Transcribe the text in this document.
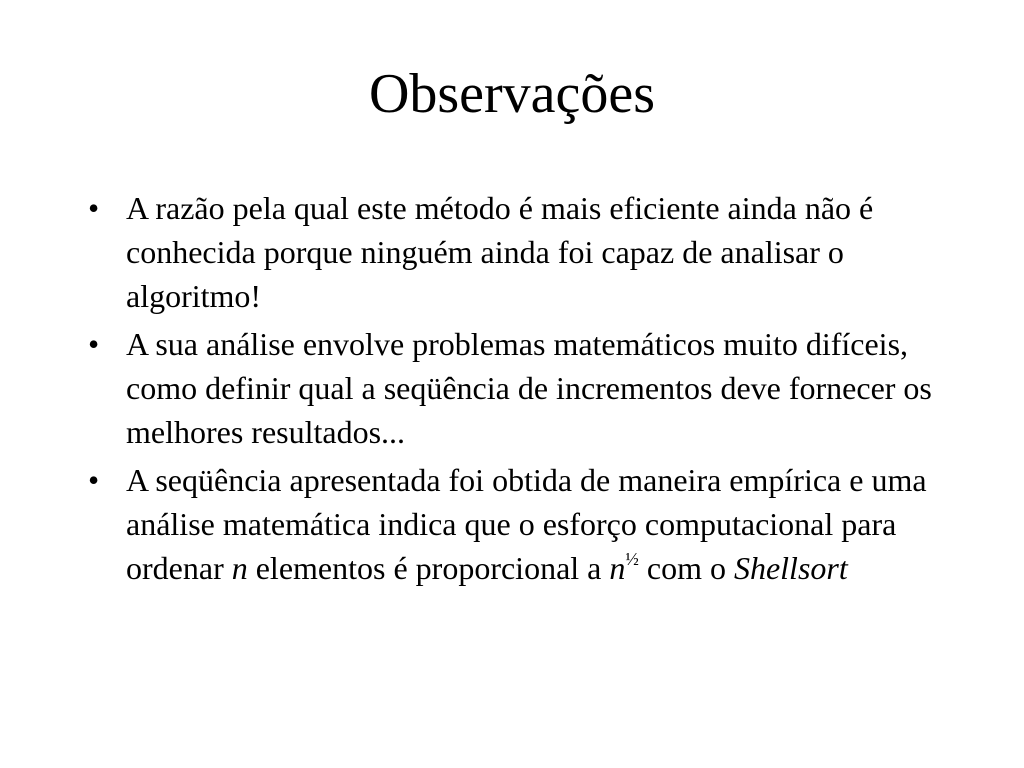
Observações
• A razão pela qual este método é mais eficiente ainda não é conhecida porque ninguém ainda foi capaz de analisar o algoritmo!
• A sua análise envolve problemas matemáticos muito difíceis, como definir qual a seqüência de incrementos deve fornecer os melhores resultados...
• A seqüência apresentada foi obtida de maneira empírica e uma análise matemática indica que o esforço computacional para ordenar n elementos é proporcional a $n^{\frac{1}{2}}$ com o Shellsort
